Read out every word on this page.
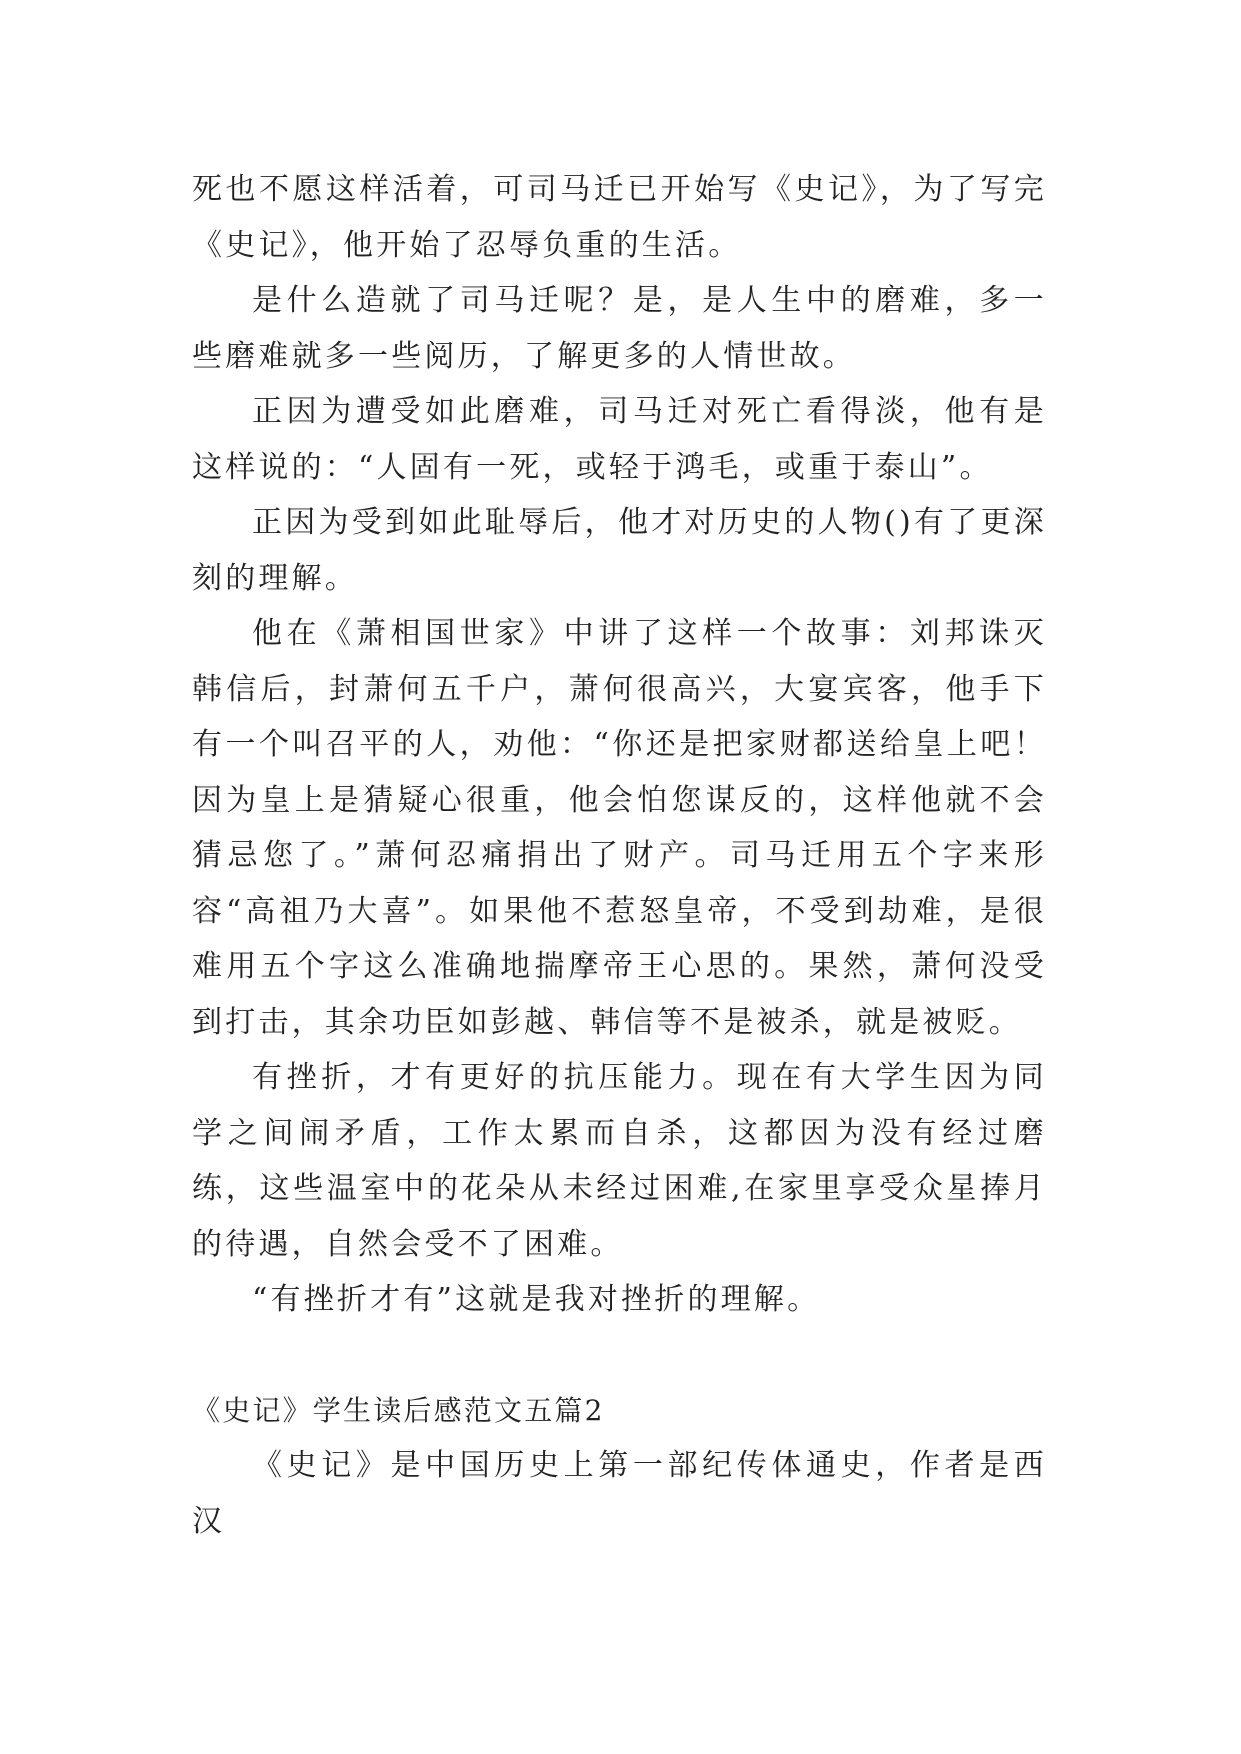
死也不愿这样活着，可司马迁已开始写《史记》，为了写完《史记》，他开始了忍辱负重的生活。

是什么造就了司马迁呢？是，是人生中的磨难，多一些磨难就多一些阅历，了解更多的人情世故。

正因为遭受如此磨难，司马迁对死亡看得淡，他有是这样说的：“人固有一死，或轻于鸿毛，或重于泰山”。

正因为受到如此耻辱后，他才对历史的人物()有了更深刻的理解。

他在《萧相国世家》中讲了这样一个故事：刘邦诛灭韩信后，封萧何五千户，萧何很高兴，大宴宾客，他手下有一个叫召平的人，劝他：“你还是把家财都送给皇上吧！因为皇上是猜疑心很重，他会怕您谋反的，这样他就不会猜忌您了。”萧何忍痛捐出了财产。司马迁用五个字来形容“高祖乃大喜”。如果他不惹怒皇帝，不受到劫难，是很难用五个字这么准确地揣摩帝王心思的。果然，萧何没受到打击，其余功臣如彭越、韩信等不是被杀，就是被贬。

有挫折，才有更好的抗压能力。现在有大学生因为同学之间闹矛盾，工作太累而自杀，这都因为没有经过磨练，这些温室中的花朵从未经过困难,在家里享受众星捧月的待遇，自然会受不了困难。

“有挫折才有”这就是我对挫折的理解。

《史记》学生读后感范文五篇2

《史记》是中国历史上第一部纪传体通史，作者是西汉
